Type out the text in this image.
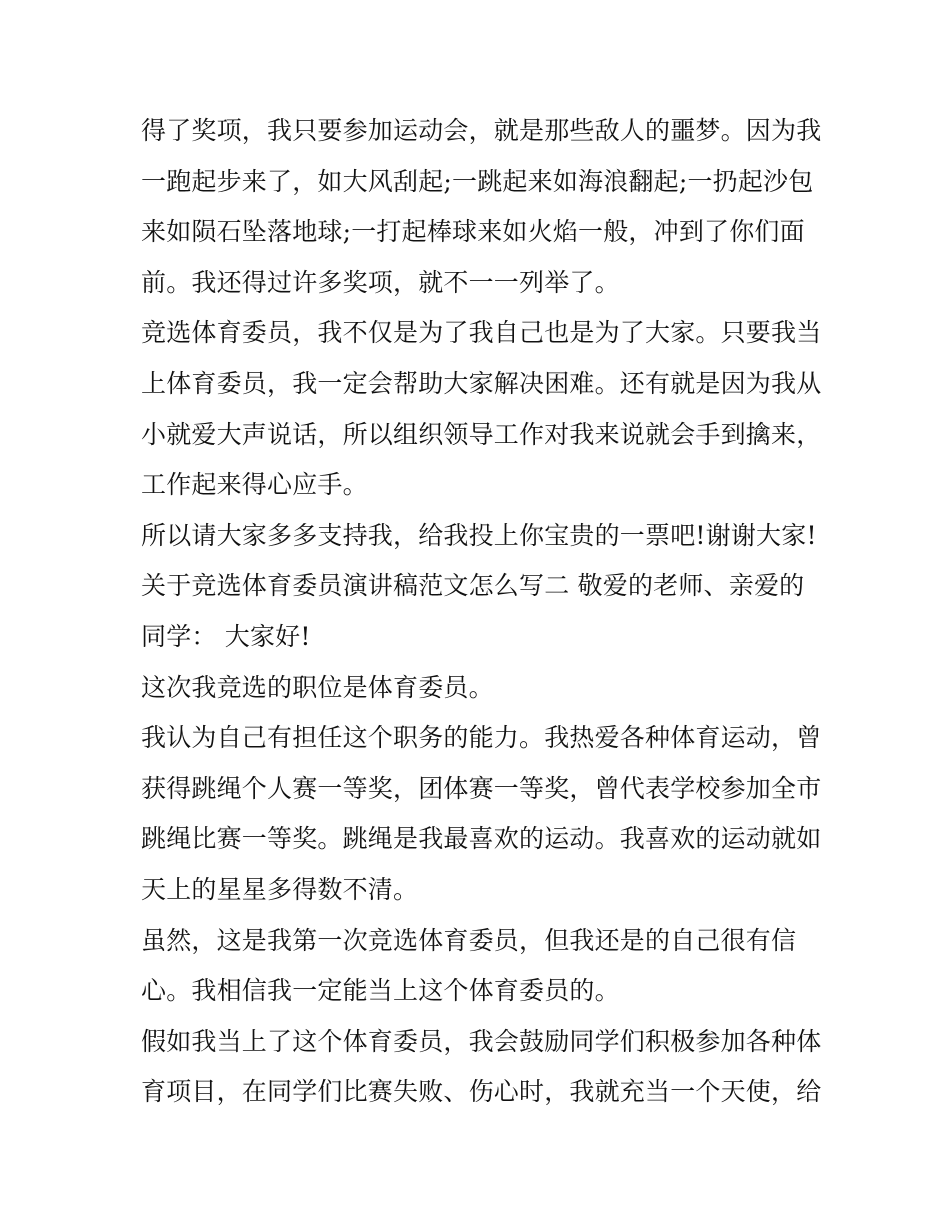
得了奖项，我只要参加运动会，就是那些敌人的噩梦。因为我
一跑起步来了，如大风刮起;一跳起来如海浪翻起;一扔起沙包
来如陨石坠落地球;一打起棒球来如火焰一般，冲到了你们面
前。我还得过许多奖项，就不一一列举了。
竞选体育委员，我不仅是为了我自己也是为了大家。只要我当
上体育委员，我一定会帮助大家解决困难。还有就是因为我从
小就爱大声说话，所以组织领导工作对我来说就会手到擒来，
工作起来得心应手。
所以请大家多多支持我，给我投上你宝贵的一票吧!谢谢大家!
关于竞选体育委员演讲稿范文怎么写二 敬爱的老师、亲爱的
同学： 大家好!
这次我竞选的职位是体育委员。
我认为自己有担任这个职务的能力。我热爱各种体育运动，曾
获得跳绳个人赛一等奖，团体赛一等奖，曾代表学校参加全市
跳绳比赛一等奖。跳绳是我最喜欢的运动。我喜欢的运动就如
天上的星星多得数不清。
虽然，这是我第一次竞选体育委员，但我还是的自己很有信
心。我相信我一定能当上这个体育委员的。
假如我当上了这个体育委员，我会鼓励同学们积极参加各种体
育项目，在同学们比赛失败、伤心时，我就充当一个天使，给
